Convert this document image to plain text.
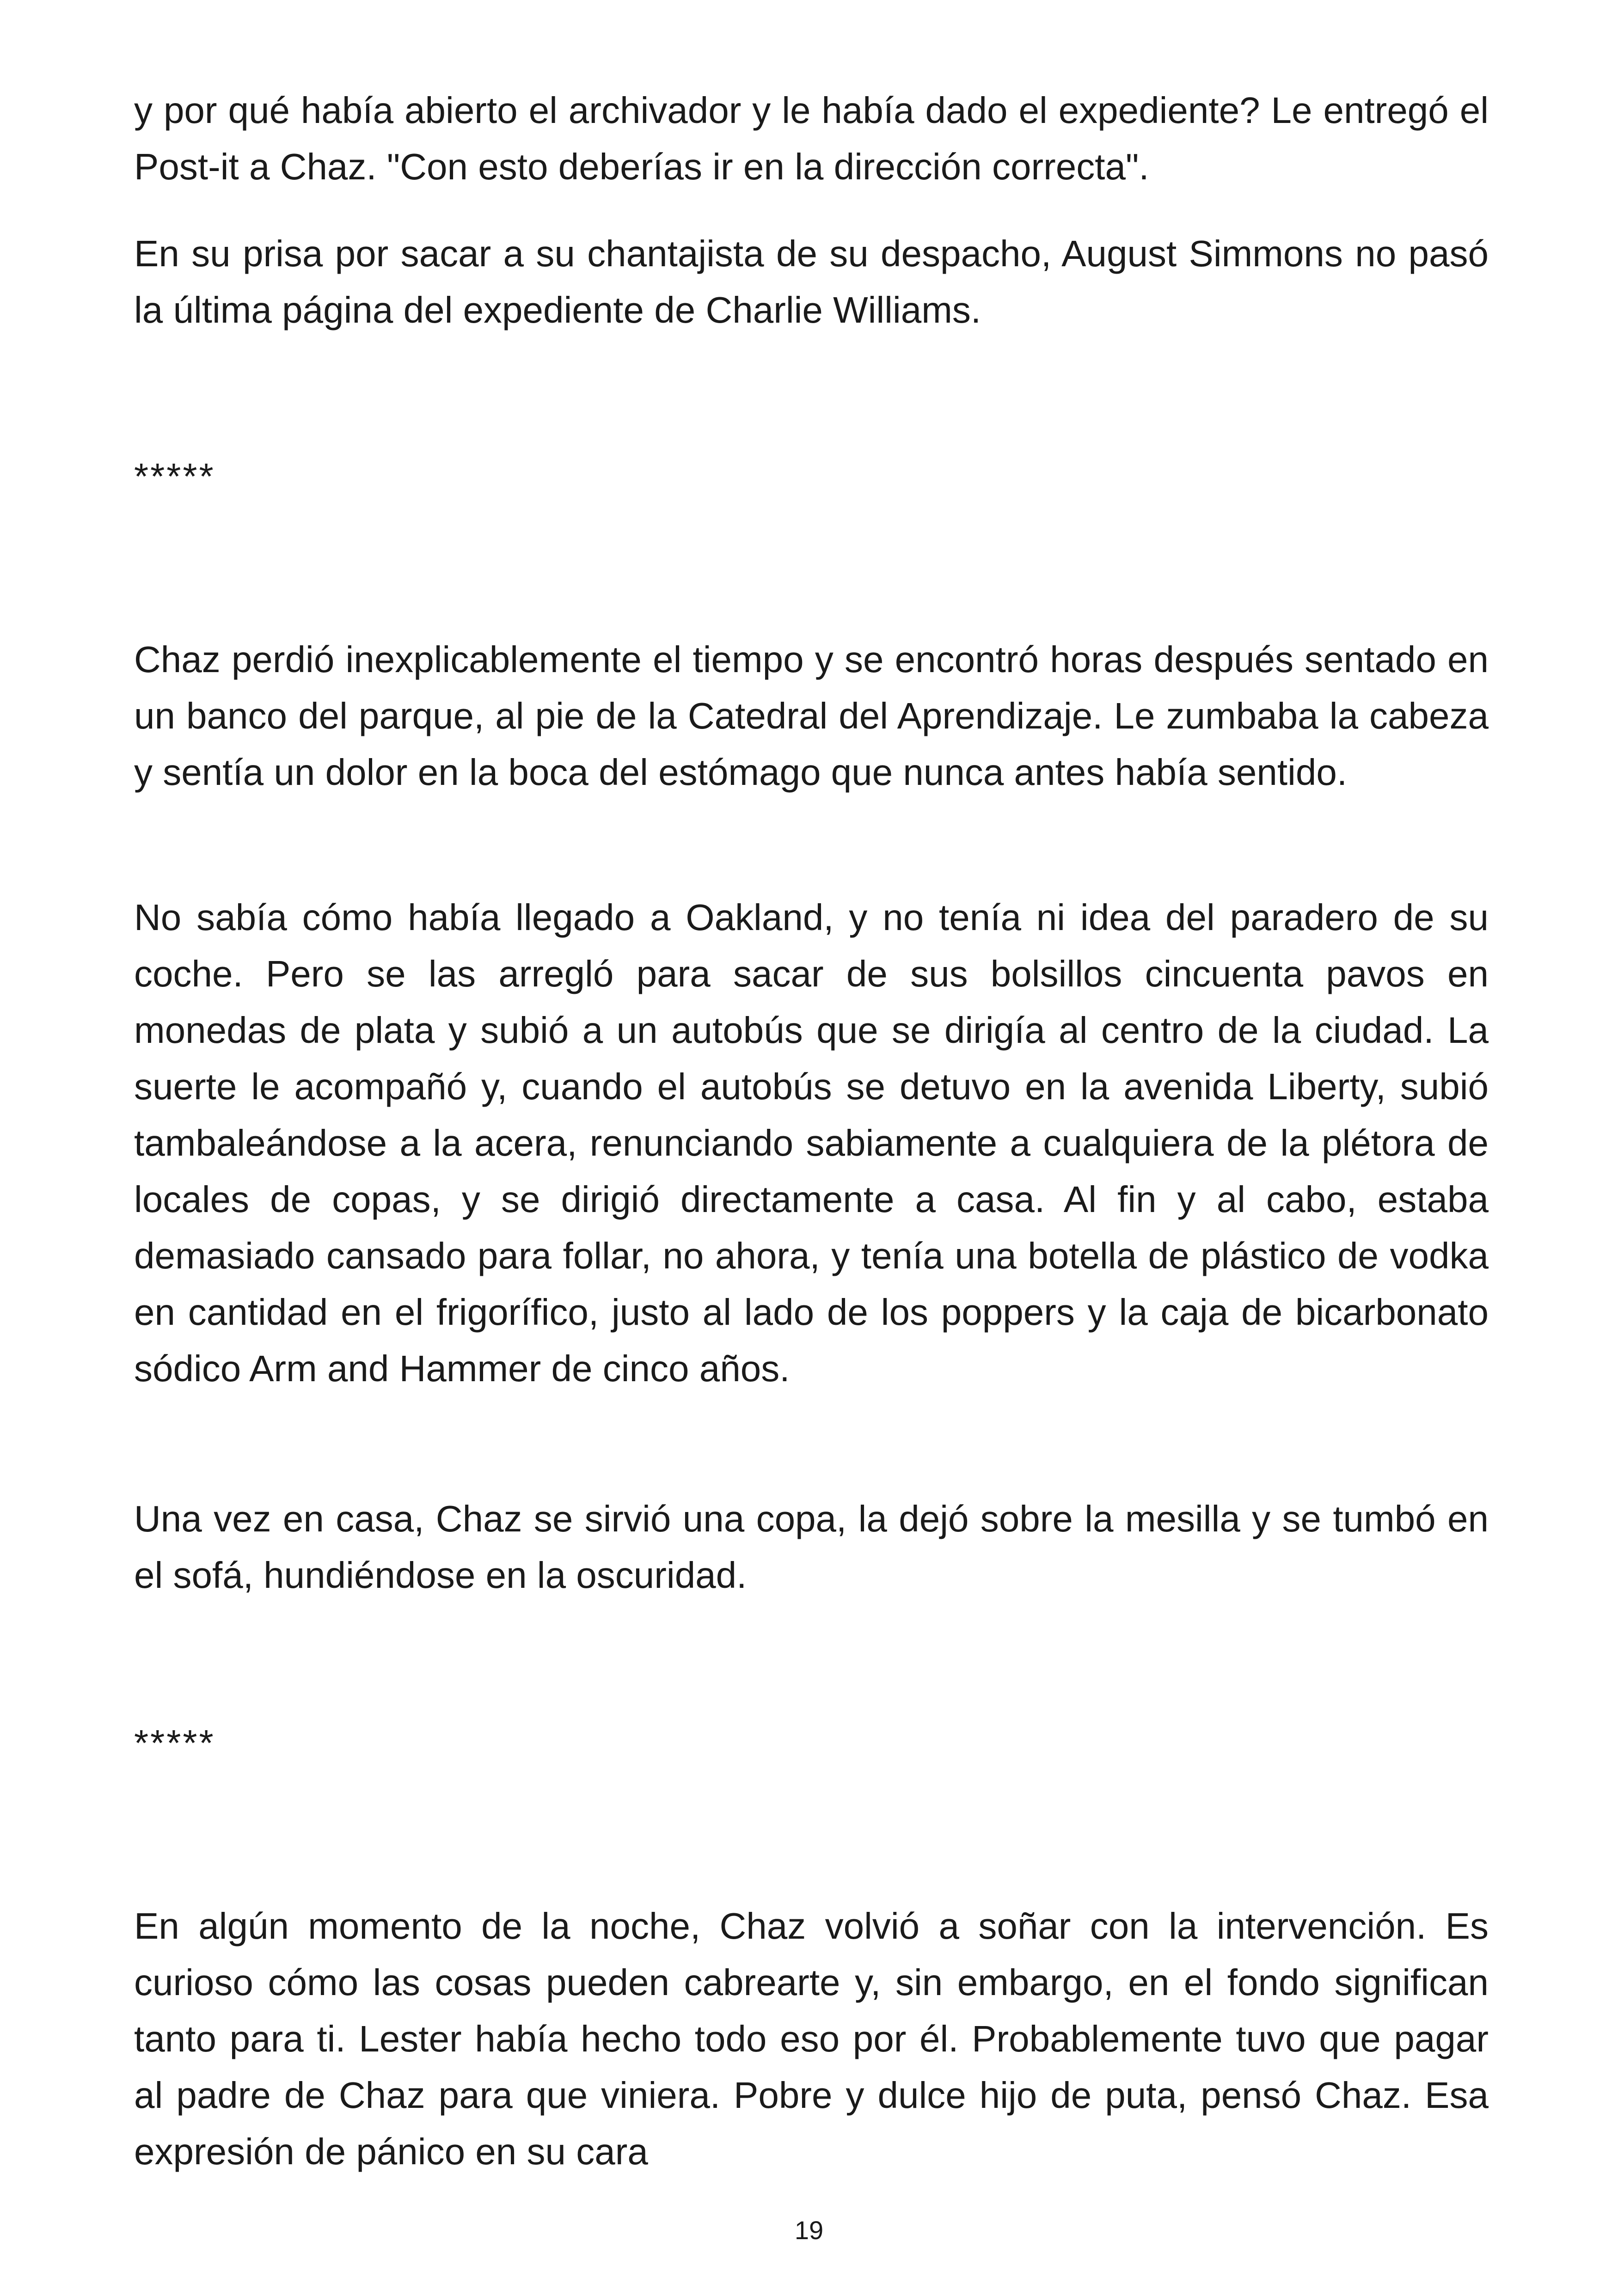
y por qué había abierto el archivador y le había dado el expediente? Le entregó el Post-it a Chaz. "Con esto deberías ir en la dirección correcta".

En su prisa por sacar a su chantajista de su despacho, August Simmons no pasó la última página del expediente de Charlie Williams.

*****

Chaz perdió inexplicablemente el tiempo y se encontró horas después sentado en un banco del parque, al pie de la Catedral del Aprendizaje. Le zumbaba la cabeza y sentía un dolor en la boca del estómago que nunca antes había sentido.

No sabía cómo había llegado a Oakland, y no tenía ni idea del paradero de su coche. Pero se las arregló para sacar de sus bolsillos cincuenta pavos en monedas de plata y subió a un autobús que se dirigía al centro de la ciudad. La suerte le acompañó y, cuando el autobús se detuvo en la avenida Liberty, subió tambaleándose a la acera, renunciando sabiamente a cualquiera de la plétora de locales de copas, y se dirigió directamente a casa. Al fin y al cabo, estaba demasiado cansado para follar, no ahora, y tenía una botella de plástico de vodka en cantidad en el frigorífico, justo al lado de los poppers y la caja de bicarbonato sódico Arm and Hammer de cinco años.

Una vez en casa, Chaz se sirvió una copa, la dejó sobre la mesilla y se tumbó en el sofá, hundiéndose en la oscuridad.

*****

En algún momento de la noche, Chaz volvió a soñar con la intervención. Es curioso cómo las cosas pueden cabrearte y, sin embargo, en el fondo significan tanto para ti. Lester había hecho todo eso por él. Probablemente tuvo que pagar al padre de Chaz para que viniera. Pobre y dulce hijo de puta, pensó Chaz. Esa expresión de pánico en su cara

19
